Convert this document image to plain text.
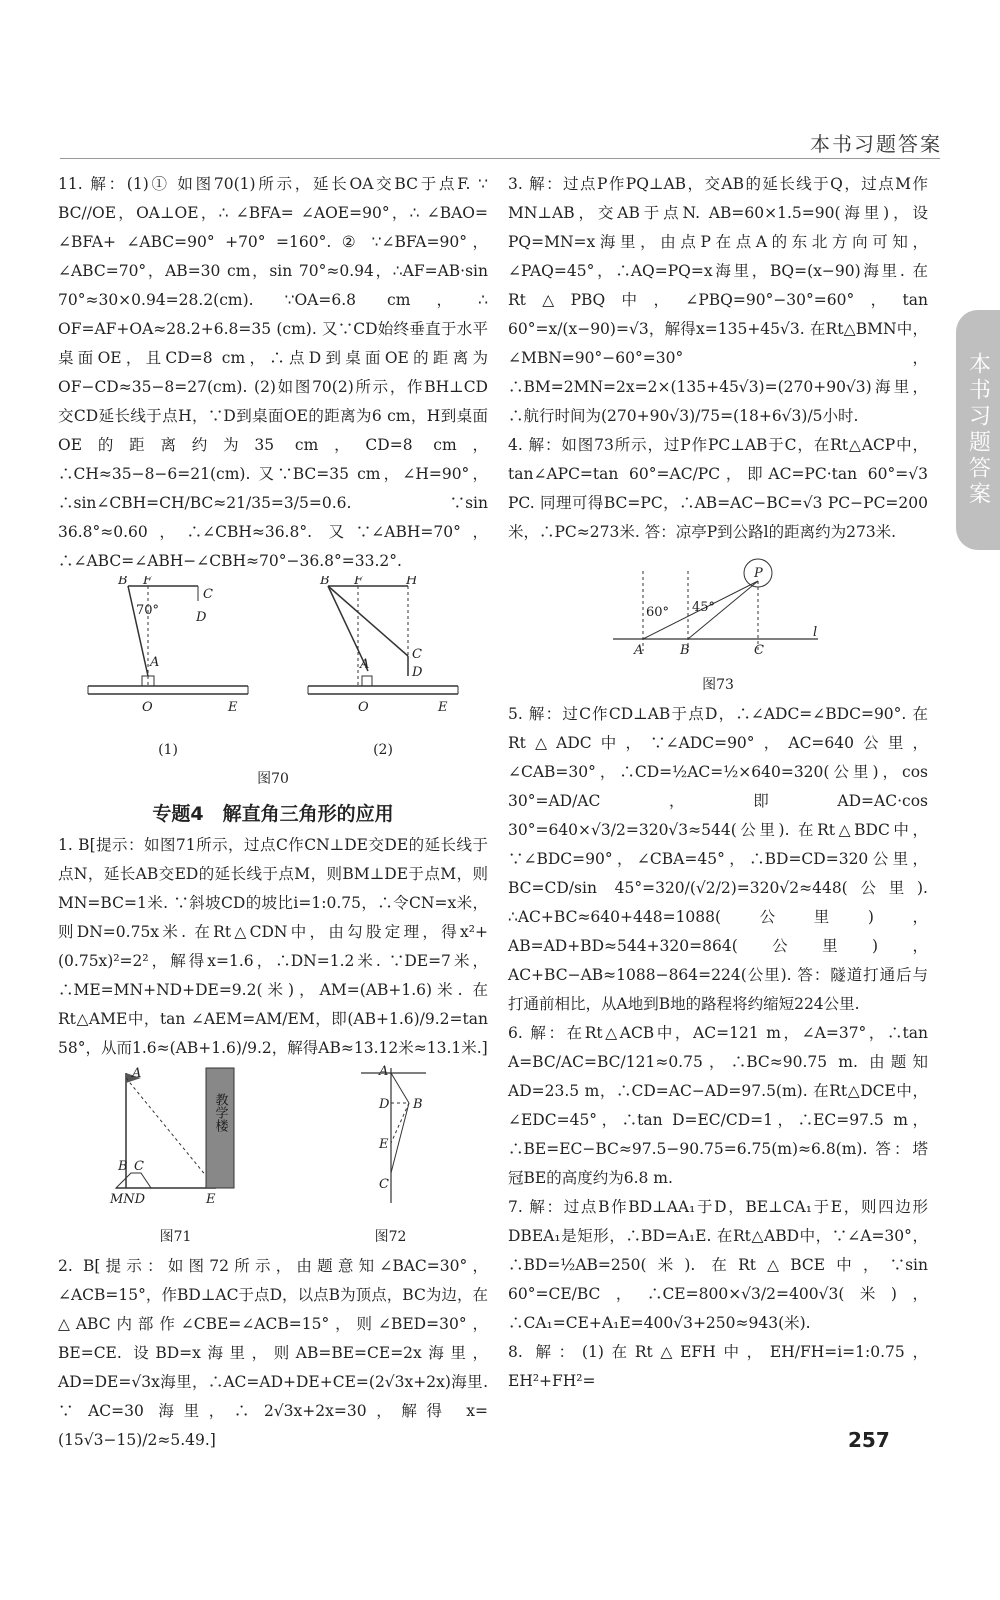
本书习题答案
本书习题答案

11. 解：(1)① 如图70(1)所示，延长OA交BC于点F. ∵ BC//OE，OA⊥OE，∴ ∠BFA= ∠AOE=90°，∴ ∠BAO= ∠BFA+ ∠ABC=90° +70° =160°. ② ∵∠BFA=90°，∠ABC=70°，AB=30 cm，sin 70°≈0.94，∴AF=AB·sin 70°≈30×0.94=28.2(cm). ∵OA=6.8 cm，∴ OF=AF+OA≈28.2+6.8=35 (cm). 又∵CD始终垂直于水平桌面OE，且CD=8 cm，∴点D到桌面OE的距离为OF−CD≈35−8=27(cm). (2)如图70(2)所示，作BH⊥CD交CD延长线于点H，∵D到桌面OE的距离为6 cm，H到桌面OE的距离约为35 cm，CD=8 cm，∴CH≈35−8−6=21(cm). 又∵BC=35 cm，∠H=90°，∴sin∠CBH=CH/BC≈21/35=3/5=0.6. ∵sin 36.8°≈0.60，∴∠CBH≈36.8°. 又∵∠ABH=70°，∴∠ABC=∠ABH−∠CBH≈70°−36.8°=33.2°.

B F
C
D
70°
A
O	E
(1)
B F	H
C
D
A
O	E
(2)
图70
专题4　解直角三角形的应用

1. B[提示：如图71所示，过点C作CN⊥DE交DE的延长线于点N，延长AB交ED的延长线于点M，则BM⊥DE于点M，则MN=BC=1米. ∵斜坡CD的坡比i=1:0.75，∴令CN=x米，则DN=0.75x米. 在Rt△CDN中，由勾股定理，得x²+(0.75x)²=2²，解得x=1.6，∴DN=1.2米. ∵DE=7米，∴ME=MN+ND+DE=9.2(米)，AM=(AB+1.6)米. 在Rt△AME中，tan ∠AEM=AM/EM，即(AB+1.6)/9.2=tan 58°，从而1.6≈(AB+1.6)/9.2，解得AB≈13.12米≈13.1米.]

教学楼
A
B C
MND	E
图71
A
B
D
E
C
图72

2. B[提示：如图72所示，由题意知∠BAC=30°，∠ACB=15°，作BD⊥AC于点D，以点B为顶点，BC为边，在△ABC内部作∠CBE=∠ACB=15°，则∠BED=30°，BE=CE. 设BD=x海里，则AB=BE=CE=2x海里，AD=DE=√3x海里，∴AC=AD+DE+CE=(2√3x+2x)海里. ∵ AC=30 海里，∴ 2√3x+2x=30，解得 x=(15√3−15)/2≈5.49.]

3. 解：过点P作PQ⊥AB，交AB的延长线于Q，过点M作MN⊥AB，交AB于点N. AB=60×1.5=90(海里)，设PQ=MN=x海里，由点P在点A的东北方向可知，∠PAQ=45°，∴AQ=PQ=x海里，BQ=(x−90)海里. 在Rt△PBQ中，∠PBQ=90°−30°=60°，tan 60°=x/(x−90)=√3，解得x=135+45√3. 在Rt△BMN中，∠MBN=90°−60°=30°，∴BM=2MN=2x=2×(135+45√3)=(270+90√3)海里，∴航行时间为(270+90√3)/75=(18+6√3)/5小时.

4. 解：如图73所示，过P作PC⊥AB于C，在Rt△ACP中，tan∠APC=tan 60°=AC/PC，即AC=PC·tan 60°=√3 PC. 同理可得BC=PC，∴AB=AC−BC=√3 PC−PC=200米，∴PC≈273米. 答：凉亭P到公路l的距离约为273米.

P
60° 45°
A	B	C
l
图73

5. 解：过C作CD⊥AB于点D，∴∠ADC=∠BDC=90°. 在Rt△ADC中，∵∠ADC=90°，AC=640公里，∠CAB=30°，∴CD=½AC=½×640=320(公里)，cos 30°=AD/AC，即AD=AC·cos 30°=640×√3/2=320√3≈544(公里). 在Rt△BDC中，∵∠BDC=90°，∠CBA=45°，∴BD=CD=320公里，BC=CD/sin 45°=320/(√2/2)=320√2≈448(公里). ∴AC+BC≈640+448=1088(公里)，AB=AD+BD≈544+320=864(公里)，AC+BC−AB≈1088−864=224(公里). 答：隧道打通后与打通前相比，从A地到B地的路程将约缩短224公里.

6. 解：在Rt△ACB中，AC=121 m，∠A=37°，∴tan A=BC/AC=BC/121≈0.75，∴BC≈90.75 m. 由题知AD=23.5 m，∴CD=AC−AD=97.5(m). 在Rt△DCE中，∠EDC=45°，∴tan D=EC/CD=1，∴EC=97.5 m，∴BE=EC−BC≈97.5−90.75=6.75(m)≈6.8(m). 答：塔冠BE的高度约为6.8 m.

7. 解：过点B作BD⊥AA₁于D，BE⊥CA₁于E，则四边形DBEA₁是矩形，∴BD=A₁E. 在Rt△ABD中，∵∠A=30°，∴BD=½AB=250(米). 在Rt△BCE中，∵sin 60°=CE/BC，∴CE=800×√3/2=400√3(米)，∴CA₁=CE+A₁E=400√3+250≈943(米).

8. 解：(1)在Rt△EFH中，EH/FH=i=1:0.75，EH²+FH²=

257
